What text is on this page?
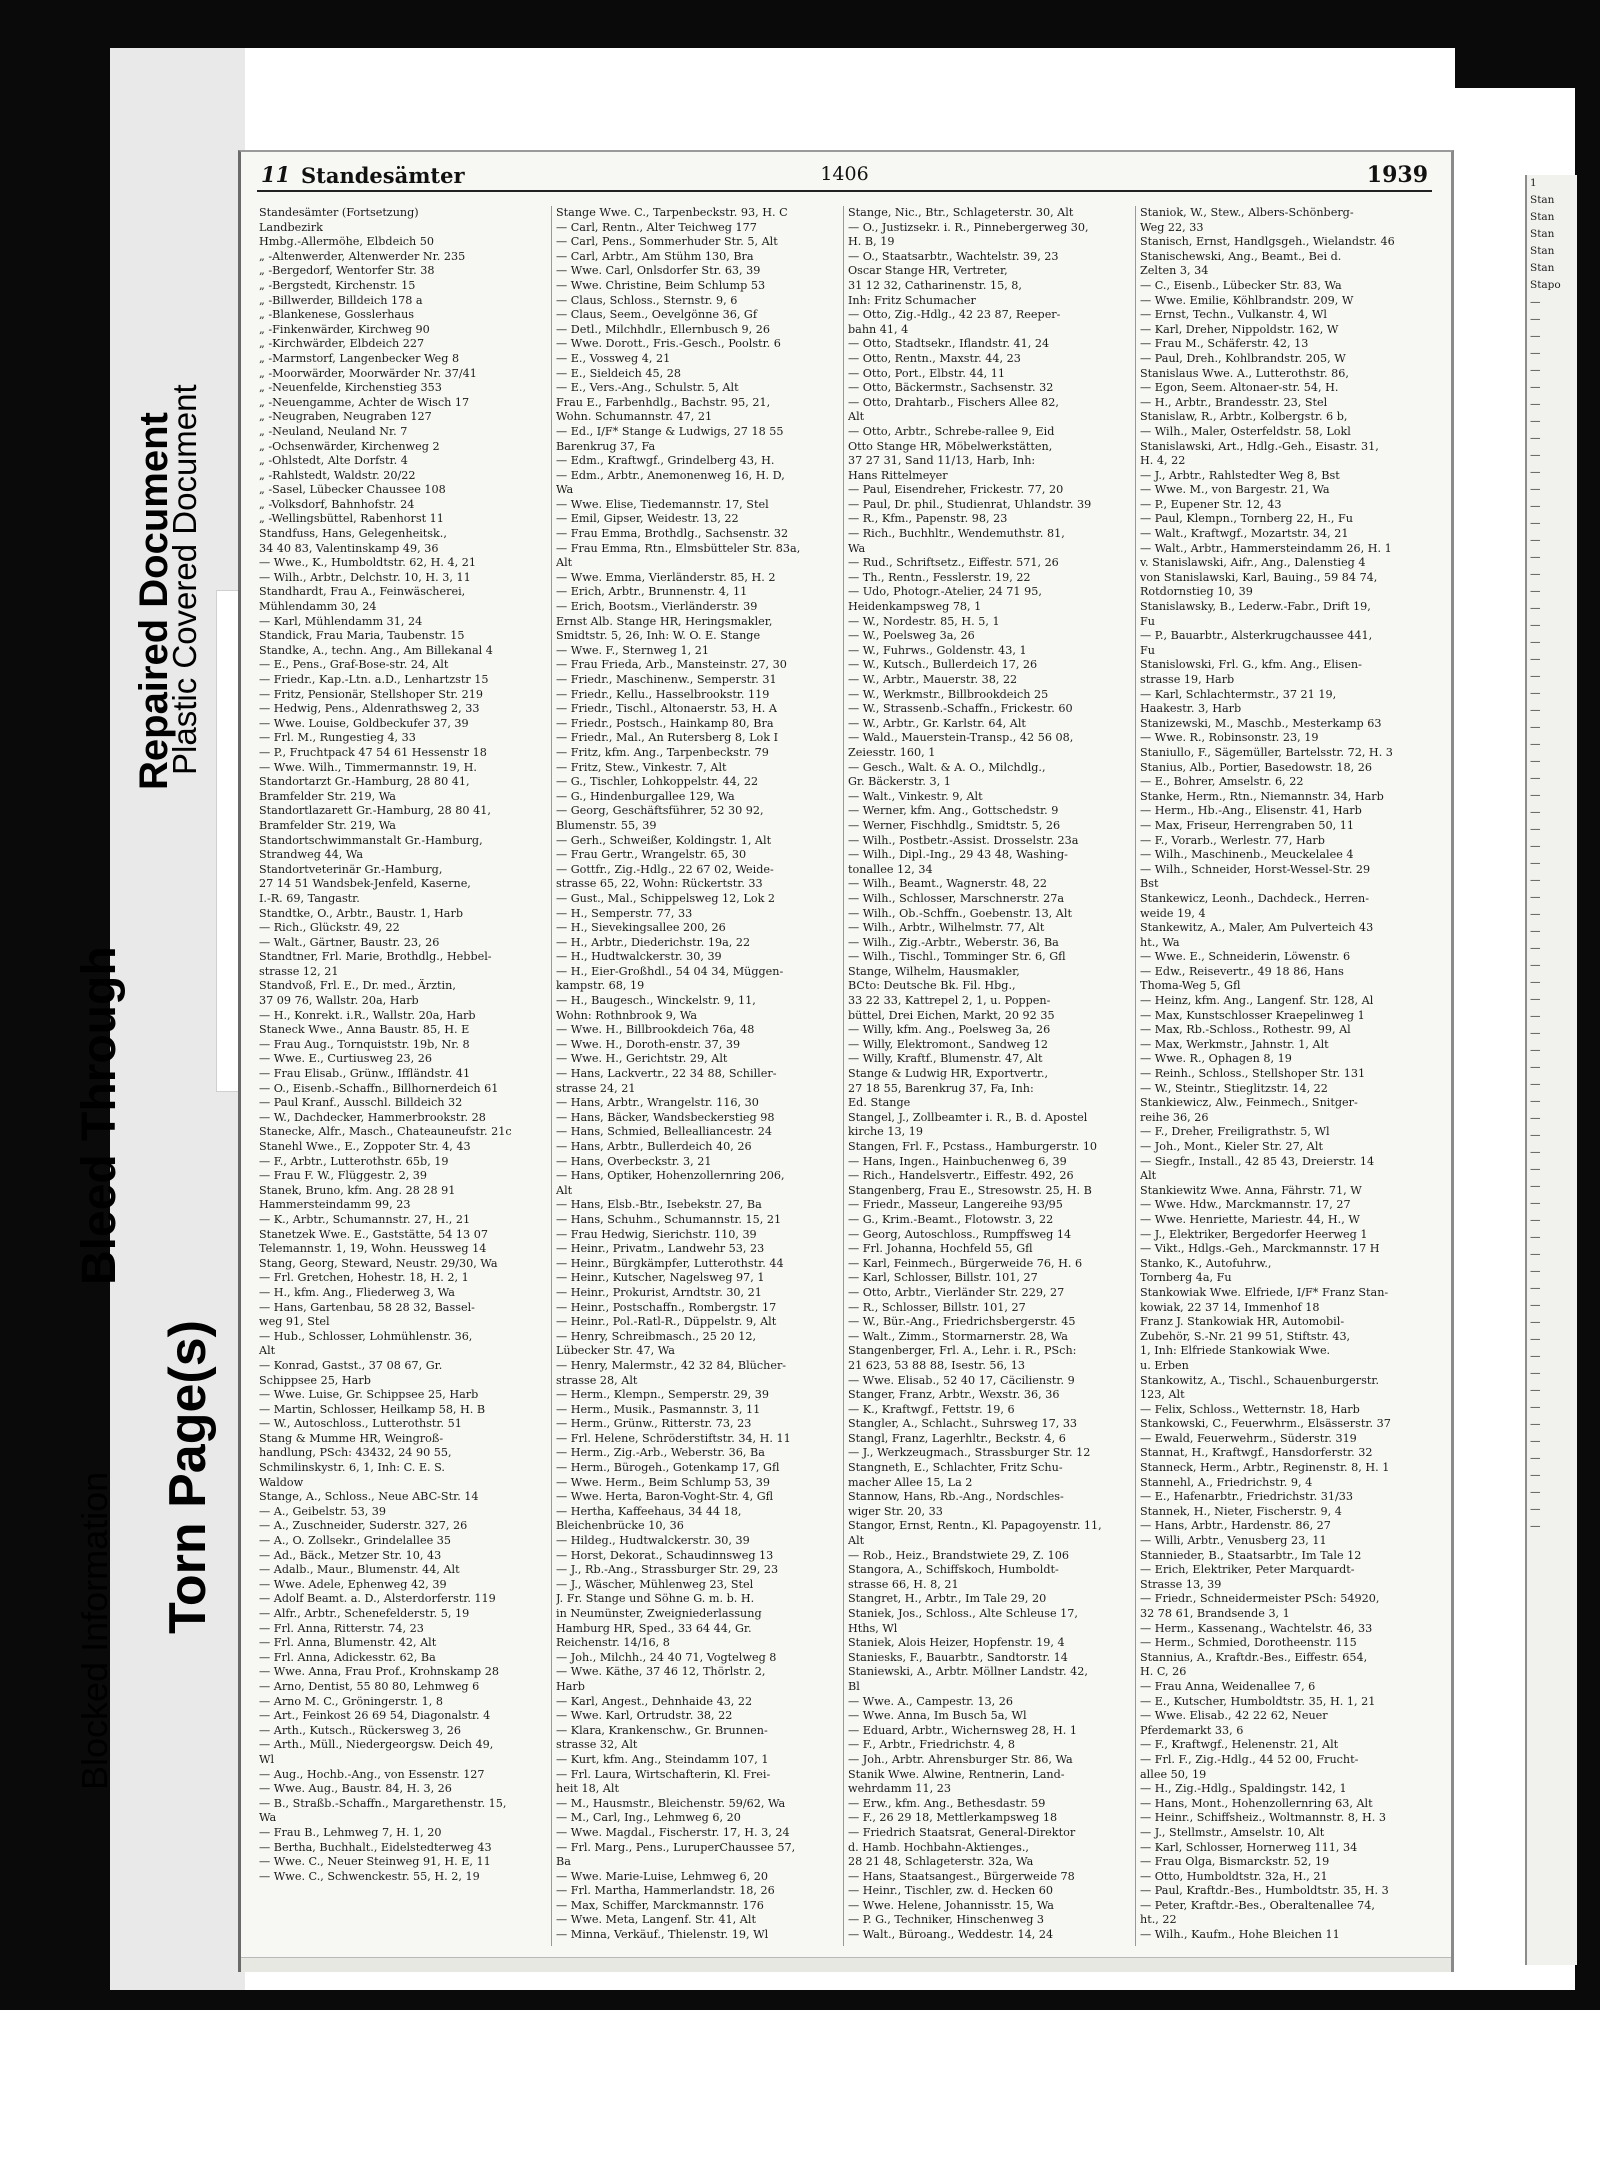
Bleed Through
Repaired Document
Plastic Covered Document
Blocked Information Torn Page(s)
11 Standesämter	1406	1939
Standesämter (Fortsetzung)
Landbezirk
Hmbg.-Allermöhe, Elbdeich 50
„ -Altenwerder, Altenwerder Nr. 235
„ -Bergedorf, Wentorfer Str. 38
„ -Bergstedt, Kirchenstr. 15
„ -Billwerder, Billdeich 178 a
„ -Blankenese, Gosslerhaus
„ -Finkenwärder, Kirchweg 90
„ -Kirchwärder, Elbdeich 227
„ -Marmstorf, Langenbecker Weg 8
„ -Moorwärder, Moorwärder Nr. 37/41
„ -Neuenfelde, Kirchenstieg 353
„ -Neuengamme, Achter de Wisch 17
„ -Neugraben, Neugraben 127
„ -Neuland, Neuland Nr. 7
„ -Ochsenwärder, Kirchenweg 2
„ -Ohlstedt, Alte Dorfstr. 4
„ -Rahlstedt, Waldstr. 20/22
„ -Sasel, Lübecker Chaussee 108
„ -Volksdorf, Bahnhofstr. 24
„ -Wellingsbüttel, Rabenhorst 11
Standfuss, Hans, Gelegenheitsk.,
34 40 83, Valentinskamp 49, 36
— Wwe., K., Humboldtstr. 62, H. 4, 21
— Wilh., Arbtr., Delchstr. 10, H. 3, 11
Standhardt, Frau A., Feinwäscherei,
Mühlendamm 30, 24
— Karl, Mühlendamm 31, 24
Standick, Frau Maria, Taubenstr. 15
Standke, A., techn. Ang., Am Billekanal 4
— E., Pens., Graf-Bose-str. 24, Alt
— Friedr., Kap.-Ltn. a.D., Lenhartzstr 15
— Fritz, Pensionär, Stellshoper Str. 219
— Hedwig, Pens., Aldenrathsweg 2, 33
— Wwe. Louise, Goldbeckufer 37, 39
— Frl. M., Rungestieg 4, 33
— P., Fruchtpack 47 54 61 Hessenstr 18
— Wwe. Wilh., Timmermannstr. 19, H.
Standortarzt Gr.-Hamburg, 28 80 41,
Bramfelder Str. 219, Wa
Standortlazarett Gr.-Hamburg, 28 80 41,
Bramfelder Str. 219, Wa
Standortschwimmanstalt Gr.-Hamburg,
Strandweg 44, Wa
Standortveterinär Gr.-Hamburg,
27 14 51 Wandsbek-Jenfeld, Kaserne,
I.-R. 69, Tangastr.
Standtke, O., Arbtr., Baustr. 1, Harb
— Rich., Glückstr. 49, 22
— Walt., Gärtner, Baustr. 23, 26
Standtner, Frl. Marie, Brothdlg., Hebbel-
strasse 12, 21
Standvoß, Frl. E., Dr. med., Ärztin,
37 09 76, Wallstr. 20a, Harb
— H., Konrekt. i.R., Wallstr. 20a, Harb
Staneck Wwe., Anna Baustr. 85, H. E
— Frau Aug., Tornquiststr. 19b, Nr. 8
— Wwe. E., Curtiusweg 23, 26
— Frau Elisab., Grünw., Iffländstr. 41
— O., Eisenb.-Schaffn., Billhornerdeich 61
— Paul Kranf., Ausschl. Billdeich 32
— W., Dachdecker, Hammerbrookstr. 28
Stanecke, Alfr., Masch., Chateauneufstr. 21c
Stanehl Wwe., E., Zoppoter Str. 4, 43
— F., Arbtr., Lutterothstr. 65b, 19
— Frau F. W., Flüggestr. 2, 39
Stanek, Bruno, kfm. Ang. 28 28 91
Hammersteindamm 99, 23
— K., Arbtr., Schumannstr. 27, H., 21
Stanetzek Wwe. E., Gaststätte, 54 13 07
Telemannstr. 1, 19, Wohn. Heussweg 14
Stang, Georg, Steward, Neustr. 29/30, Wa
— Frl. Gretchen, Hohestr. 18, H. 2, 1
— H., kfm. Ang., Fliederweg 3, Wa
— Hans, Gartenbau, 58 28 32, Bassel-
weg 91, Stel
— Hub., Schlosser, Lohmühlenstr. 36,
Alt
— Konrad, Gastst., 37 08 67, Gr.
Schippsee 25, Harb
— Wwe. Luise, Gr. Schippsee 25, Harb
— Martin, Schlosser, Heilkamp 58, H. B
— W., Autoschloss., Lutterothstr. 51
Stang & Mumme HR, Weingroß-
handlung, PSch: 43432, 24 90 55,
Schmilinskystr. 6, 1, Inh: C. E. S.
Waldow
Stange, A., Schloss., Neue ABC-Str. 14
— A., Geibelstr. 53, 39
— A., Zuschneider, Suderstr. 327, 26
— A., O. Zollsekr., Grindelallee 35
— Ad., Bäck., Metzer Str. 10, 43
— Adalb., Maur., Blumenstr. 44, Alt
— Wwe. Adele, Ephenweg 42, 39
— Adolf Beamt. a. D., Alsterdorferstr. 119
— Alfr., Arbtr., Schenefelderstr. 5, 19
— Frl. Anna, Ritterstr. 74, 23
— Frl. Anna, Blumenstr. 42, Alt
— Frl. Anna, Adickesstr. 62, Ba
— Wwe. Anna, Frau Prof., Krohnskamp 28
— Arno, Dentist, 55 80 80, Lehmweg 6
— Arno M. C., Gröningerstr. 1, 8
— Art., Feinkost 26 69 54, Diagonalstr. 4
— Arth., Kutsch., Rückersweg 3, 26
— Arth., Müll., Niedergeorgsw. Deich 49,
Wl
— Aug., Hochb.-Ang., von Essenstr. 127
— Wwe. Aug., Baustr. 84, H. 3, 26
— B., Straßb.-Schaffn., Margarethenstr. 15,
Wa
— Frau B., Lehmweg 7, H. 1, 20
— Bertha, Buchhalt., Eidelstedterweg 43
— Wwe. C., Neuer Steinweg 91, H. E, 11
— Wwe. C., Schwenckestr. 55, H. 2, 19
Stange Wwe. C., Tarpenbeckstr. 93, H. C
— Carl, Rentn., Alter Teichweg 177
— Carl, Pens., Sommerhuder Str. 5, Alt
— Carl, Arbtr., Am Stühm 130, Bra
— Wwe. Carl, Onlsdorfer Str. 63, 39
— Wwe. Christine, Beim Schlump 53
— Claus, Schloss., Sternstr. 9, 6
— Claus, Seem., Oevelgönne 36, Gf
— Detl., Milchhdlr., Ellernbusch 9, 26
— Wwe. Dorott., Fris.-Gesch., Poolstr. 6
— E., Vossweg 4, 21
— E., Sieldeich 45, 28
— E., Vers.-Ang., Schulstr. 5, Alt
Frau E., Farbenhdlg., Bachstr. 95, 21,
Wohn. Schumannstr. 47, 21
— Ed., I/F* Stange & Ludwigs, 27 18 55
Barenkrug 37, Fa
— Edm., Kraftwgf., Grindelberg 43, H.
— Edm., Arbtr., Anemonenweg 16, H. D,
Wa
— Wwe. Elise, Tiedemannstr. 17, Stel
— Emil, Gipser, Weidestr. 13, 22
— Frau Emma, Brothdlg., Sachsenstr. 32
— Frau Emma, Rtn., Elmsbütteler Str. 83a,
Alt
— Wwe. Emma, Vierländerstr. 85, H. 2
— Erich, Arbtr., Brunnenstr. 4, 11
— Erich, Bootsm., Vierländerstr. 39
Ernst Alb. Stange HR, Heringsmakler,
Smidtstr. 5, 26, Inh: W. O. E. Stange
— Wwe. F., Sternweg 1, 21
— Frau Frieda, Arb., Mansteinstr. 27, 30
— Friedr., Maschinenw., Semperstr. 31
— Friedr., Kellu., Hasselbrookstr. 119
— Friedr., Tischl., Altonaerstr. 53, H. A
— Friedr., Postsch., Hainkamp 80, Bra
— Friedr., Mal., An Rutersberg 8, Lok I
— Fritz, kfm. Ang., Tarpenbeckstr. 79
— Fritz, Stew., Vinkestr. 7, Alt
— G., Tischler, Lohkoppelstr. 44, 22
— G., Hindenburgallee 129, Wa
— Georg, Geschäftsführer, 52 30 92,
Blumenstr. 55, 39
— Gerh., Schweißer, Koldingstr. 1, Alt
— Frau Gertr., Wrangelstr. 65, 30
— Gottfr., Zig.-Hdlg., 22 67 02, Weide-
strasse 65, 22, Wohn: Rückertstr. 33
— Gust., Mal., Schippelsweg 12, Lok 2
— H., Semperstr. 77, 33
— H., Sievekingsallee 200, 26
— H., Arbtr., Diederichstr. 19a, 22
— H., Hudtwalckerstr. 30, 39
— H., Eier-Großhdl., 54 04 34, Müggen-
kampstr. 68, 19
— H., Baugesch., Winckelstr. 9, 11,
Wohn: Rothnbrook 9, Wa
— Wwe. H., Billbrookdeich 76a, 48
— Wwe. H., Doroth-enstr. 37, 39
— Wwe. H., Gerichtstr. 29, Alt
— Hans, Lackvertr., 22 34 88, Schiller-
strasse 24, 21
— Hans, Arbtr., Wrangelstr. 116, 30
— Hans, Bäcker, Wandsbeckerstieg 98
— Hans, Schmied, Bellealliancestr. 24
— Hans, Arbtr., Bullerdeich 40, 26
— Hans, Overbeckstr. 3, 21
— Hans, Optiker, Hohenzollernring 206,
Alt
— Hans, Elsb.-Btr., Isebekstr. 27, Ba
— Hans, Schuhm., Schumannstr. 15, 21
— Frau Hedwig, Sierichstr. 110, 39
— Heinr., Privatm., Landwehr 53, 23
— Heinr., Bürgkämpfer, Lutterothstr. 44
— Heinr., Kutscher, Nagelsweg 97, 1
— Heinr., Prokurist, Arndtstr. 30, 21
— Heinr., Postschaffn., Rombergstr. 17
— Heinr., Pol.-Ratl-R., Düppelstr. 9, Alt
— Henry, Schreibmasch., 25 20 12,
Lübecker Str. 47, Wa
— Henry, Malermstr., 42 32 84, Blücher-
strasse 28, Alt
— Herm., Klempn., Semperstr. 29, 39
— Herm., Musik., Pasmannstr. 3, 11
— Herm., Grünw., Ritterstr. 73, 23
— Frl. Helene, Schröderstiftstr. 34, H. 11
— Herm., Zig.-Arb., Weberstr. 36, Ba
— Herm., Bürogeh., Gotenkamp 17, Gfl
— Wwe. Herm., Beim Schlump 53, 39
— Wwe. Herta, Baron-Voght-Str. 4, Gfl
— Hertha, Kaffeehaus, 34 44 18,
Bleichenbrücke 10, 36
— Hildeg., Hudtwalckerstr. 30, 39
— Horst, Dekorat., Schaudinnsweg 13
— J., Rb.-Ang., Strassburger Str. 29, 23
— J., Wäscher, Mühlenweg 23, Stel
J. Fr. Stange und Söhne G. m. b. H.
in Neumünster, Zweigniederlassung
Hamburg HR, Sped., 33 64 44, Gr.
Reichenstr. 14/16, 8
— Joh., Milchh., 24 40 71, Vogtelweg 8
— Wwe. Käthe, 37 46 12, Thörlstr. 2,
Harb
— Karl, Angest., Dehnhaide 43, 22
— Wwe. Karl, Ortrudstr. 38, 22
— Klara, Krankenschw., Gr. Brunnen-
strasse 32, Alt
— Kurt, kfm. Ang., Steindamm 107, 1
— Frl. Laura, Wirtschafterin, Kl. Frei-
heit 18, Alt
— M., Hausmstr., Bleichenstr. 59/62, Wa
— M., Carl, Ing., Lehmweg 6, 20
— Wwe. Magdal., Fischerstr. 17, H. 3, 24
— Frl. Marg., Pens., LuruperChaussee 57,
Ba
— Wwe. Marie-Luise, Lehmweg 6, 20
— Frl. Martha, Hammerlandstr. 18, 26
— Max, Schiffer, Marckmannstr. 176
— Wwe. Meta, Langenf. Str. 41, Alt
— Minna, Verkäuf., Thielenstr. 19, Wl
Stange, Nic., Btr., Schlageterstr. 30, Alt
— O., Justizsekr. i. R., Pinnebergerweg 30,
H. B, 19
— O., Staatsarbtr., Wachtelstr. 39, 23
Oscar Stange HR, Vertreter,
31 12 32, Catharinenstr. 15, 8,
Inh: Fritz Schumacher
— Otto, Zig.-Hdlg., 42 23 87, Reeper-
bahn 41, 4
— Otto, Stadtsekr., Iflandstr. 41, 24
— Otto, Rentn., Maxstr. 44, 23
— Otto, Port., Elbstr. 44, 11
— Otto, Bäckermstr., Sachsenstr. 32
— Otto, Drahtarb., Fischers Allee 82,
Alt
— Otto, Arbtr., Schrebe-rallee 9, Eid
Otto Stange HR, Möbelwerkstätten,
37 27 31, Sand 11/13, Harb, Inh:
Hans Rittelmeyer
— Paul, Eisendreher, Frickestr. 77, 20
— Paul, Dr. phil., Studienrat, Uhlandstr. 39
— R., Kfm., Papenstr. 98, 23
— Rich., Buchhltr., Wendemuthstr. 81,
Wa
— Rud., Schriftsetz., Eiffestr. 571, 26
— Th., Rentn., Fesslerstr. 19, 22
— Udo, Photogr.-Atelier, 24 71 95,
Heidenkampsweg 78, 1
— W., Nordestr. 85, H. 5, 1
— W., Poelsweg 3a, 26
— W., Fuhrws., Goldenstr. 43, 1
— W., Kutsch., Bullerdeich 17, 26
— W., Arbtr., Mauerstr. 38, 22
— W., Werkmstr., Billbrookdeich 25
— W., Strassenb.-Schaffn., Frickestr. 60
— W., Arbtr., Gr. Karlstr. 64, Alt
— Wald., Mauerstein-Transp., 42 56 08,
Zeiesstr. 160, 1
— Gesch., Walt. & A. O., Milchdlg.,
Gr. Bäckerstr. 3, 1
— Walt., Vinkestr. 9, Alt
— Werner, kfm. Ang., Gottschedstr. 9
— Werner, Fischhdlg., Smidtstr. 5, 26
— Wilh., Postbetr.-Assist. Drosselstr. 23a
— Wilh., Dipl.-Ing., 29 43 48, Washing-
tonallee 12, 34
— Wilh., Beamt., Wagnerstr. 48, 22
— Wilh., Schlosser, Marschnerstr. 27a
— Wilh., Ob.-Schffn., Goebenstr. 13, Alt
— Wilh., Arbtr., Wilhelmstr. 77, Alt
— Wilh., Zig.-Arbtr., Weberstr. 36, Ba
— Wilh., Tischl., Tomminger Str. 6, Gfl
Stange, Wilhelm, Hausmakler,
BCto: Deutsche Bk. Fil. Hbg.,
33 22 33, Kattrepel 2, 1, u. Poppen-
büttel, Drei Eichen, Markt, 20 92 35
— Willy, kfm. Ang., Poelsweg 3a, 26
— Willy, Elektromont., Sandweg 12
— Willy, Kraftf., Blumenstr. 47, Alt
Stange & Ludwig HR, Exportvertr.,
27 18 55, Barenkrug 37, Fa, Inh:
Ed. Stange
Stangel, J., Zollbeamter i. R., B. d. Apostel
kirche 13, 19
Stangen, Frl. F., Pcstass., Hamburgerstr. 10
— Hans, Ingen., Hainbuchenweg 6, 39
— Rich., Handelsvertr., Eiffestr. 492, 26
Stangenberg, Frau E., Stresowstr. 25, H. B
— Friedr., Masseur, Langereihe 93/95
— G., Krim.-Beamt., Flotowstr. 3, 22
— Georg, Autoschloss., Rumpffsweg 14
— Frl. Johanna, Hochfeld 55, Gfl
— Karl, Feinmech., Bürgerweide 76, H. 6
— Karl, Schlosser, Billstr. 101, 27
— Otto, Arbtr., Vierländer Str. 229, 27
— R., Schlosser, Billstr. 101, 27
— W., Bür.-Ang., Friedrichsbergerstr. 45
— Walt., Zimm., Stormarnerstr. 28, Wa
Stangenberger, Frl. A., Lehr. i. R., PSch:
21 623, 53 88 88, Isestr. 56, 13
— Wwe. Elisab., 52 40 17, Cäcilienstr. 9
Stanger, Franz, Arbtr., Wexstr. 36, 36
— K., Kraftwgf., Fettstr. 19, 6
Stangler, A., Schlacht., Suhrsweg 17, 33
Stangl, Franz, Lagerhltr., Beckstr. 4, 6
— J., Werkzeugmach., Strassburger Str. 12
Stangneth, E., Schlachter, Fritz Schu-
macher Allee 15, La 2
Stannow, Hans, Rb.-Ang., Nordschles-
wiger Str. 20, 33
Stangor, Ernst, Rentn., Kl. Papagoyenstr. 11,
Alt
— Rob., Heiz., Brandstwiete 29, Z. 106
Stangora, A., Schiffskoch, Humboldt-
strasse 66, H. 8, 21
Stangret, H., Arbtr., Im Tale 29, 20
Staniek, Jos., Schloss., Alte Schleuse 17,
Hths, Wl
Staniek, Alois Heizer, Hopfenstr. 19, 4
Staniesks, F., Bauarbtr., Sandtorstr. 14
Staniewski, A., Arbtr. Möllner Landstr. 42,
Bl
— Wwe. A., Campestr. 13, 26
— Wwe. Anna, Im Busch 5a, Wl
— Eduard, Arbtr., Wichernsweg 28, H. 1
— F., Arbtr., Friedrichstr. 4, 8
— Joh., Arbtr. Ahrensburger Str. 86, Wa
Stanik Wwe. Alwine, Rentnerin, Land-
wehrdamm 11, 23
— Erw., kfm. Ang., Bethesdastr. 59
— F., 26 29 18, Mettlerkampsweg 18
— Friedrich Staatsrat, General-Direktor
d. Hamb. Hochbahn-Aktienges.,
28 21 48, Schlageterstr. 32a, Wa
— Hans, Staatsangest., Bürgerweide 78
— Heinr., Tischler, zw. d. Hecken 60
— Wwe. Helene, Johannisstr. 15, Wa
— P. G., Techniker, Hinschenweg 3
— Walt., Büroang., Weddestr. 14, 24
Staniok, W., Stew., Albers-Schönberg-
Weg 22, 33
Stanisch, Ernst, Handlgsgeh., Wielandstr. 46
Stanischewski, Ang., Beamt., Bei d.
Zelten 3, 34
— C., Eisenb., Lübecker Str. 83, Wa
— Wwe. Emilie, Köhlbrandstr. 209, W
— Ernst, Techn., Vulkanstr. 4, Wl
— Karl, Dreher, Nippoldstr. 162, W
— Frau M., Schäferstr. 42, 13
— Paul, Dreh., Kohlbrandstr. 205, W
Stanislaus Wwe. A., Lutterothstr. 86,
— Egon, Seem. Altonaer-str. 54, H.
— H., Arbtr., Brandesstr. 23, Stel
Stanislaw, R., Arbtr., Kolbergstr. 6 b,
— Wilh., Maler, Osterfeldstr. 58, Lokl
Stanislawski, Art., Hdlg.-Geh., Eisastr. 31,
H. 4, 22
— J., Arbtr., Rahlstedter Weg 8, Bst
— Wwe. M., von Bargestr. 21, Wa
— P., Eupener Str. 12, 43
— Paul, Klempn., Tornberg 22, H., Fu
— Walt., Kraftwgf., Mozartstr. 34, 21
— Walt., Arbtr., Hammersteindamm 26, H. 1
v. Stanislawski, Aifr., Ang., Dalenstieg 4
von Stanislawski, Karl, Bauing., 59 84 74,
Rotdornstieg 10, 39
Stanislawsky, B., Lederw.-Fabr., Drift 19,
Fu
— P., Bauarbtr., Alsterkrugchaussee 441,
Fu
Stanislowski, Frl. G., kfm. Ang., Elisen-
strasse 19, Harb
— Karl, Schlachtermstr., 37 21 19,
Haakestr. 3, Harb
Stanizewski, M., Maschb., Mesterkamp 63
— Wwe. R., Robinsonstr. 23, 19
Staniullo, F., Sägemüller, Bartelsstr. 72, H. 3
Stanius, Alb., Portier, Basedowstr. 18, 26
— E., Bohrer, Amselstr. 6, 22
Stanke, Herm., Rtn., Niemannstr. 34, Harb
— Herm., Hb.-Ang., Elisenstr. 41, Harb
— Max, Friseur, Herrengraben 50, 11
— F., Vorarb., Werlestr. 77, Harb
— Wilh., Maschinenb., Meuckelalee 4
— Wilh., Schneider, Horst-Wessel-Str. 29
Bst
Stankewicz, Leonh., Dachdeck., Herren-
weide 19, 4
Stankewitz, A., Maler, Am Pulverteich 43
ht., Wa
— Wwe. E., Schneiderin, Löwenstr. 6
— Edw., Reisevertr., 49 18 86, Hans
Thoma-Weg 5, Gfl
— Heinz, kfm. Ang., Langenf. Str. 128, Al
— Max, Kunstschlosser Kraepelinweg 1
— Max, Rb.-Schloss., Rothestr. 99, Al
— Max, Werkmstr., Jahnstr. 1, Alt
— Wwe. R., Ophagen 8, 19
— Reinh., Schloss., Stellshoper Str. 131
— W., Steintr., Stieglitzstr. 14, 22
Stankiewicz, Alw., Feinmech., Snitger-
reihe 36, 26
— F., Dreher, Freiligrathstr. 5, Wl
— Joh., Mont., Kieler Str. 27, Alt
— Siegfr., Install., 42 85 43, Dreierstr. 14
Alt
Stankiewitz Wwe. Anna, Fährstr. 71, W
— Wwe. Hdw., Marckmannstr. 17, 27
— Wwe. Henriette, Mariestr. 44, H., W
— J., Elektriker, Bergedorfer Heerweg 1
— Vikt., Hdlgs.-Geh., Marckmannstr. 17 H
Stanko, K., Autofuhrw.,
Tornberg 4a, Fu
Stankowiak Wwe. Elfriede, I/F* Franz Stan-
kowiak, 22 37 14, Immenhof 18
Franz J. Stankowiak HR, Automobil-
Zubehör, S.-Nr. 21 99 51, Stiftstr. 43,
1, Inh: Elfriede Stankowiak Wwe.
u. Erben
Stankowitz, A., Tischl., Schauenburgerstr.
123, Alt
— Felix, Schloss., Wetternstr. 18, Harb
Stankowski, C., Feuerwhrm., Elsässerstr. 37
— Ewald, Feuerwehrm., Süderstr. 319
Stannat, H., Kraftwgf., Hansdorferstr. 32
Stanneck, Herm., Arbtr., Reginenstr. 8, H. 1
Stannehl, A., Friedrichstr. 9, 4
— E., Hafenarbtr., Friedrichstr. 31/33
Stannek, H., Nieter, Fischerstr. 9, 4
— Hans, Arbtr., Hardenstr. 86, 27
— Willi, Arbtr., Venusberg 23, 11
Stannieder, B., Staatsarbtr., Im Tale 12
— Erich, Elektriker, Peter Marquardt-
Strasse 13, 39
— Friedr., Schneidermeister PSch: 54920,
32 78 61, Brandsende 3, 1
— Herm., Kassenang., Wachtelstr. 46, 33
— Herm., Schmied, Dorotheenstr. 115
Stannius, A., Kraftdr.-Bes., Eiffestr. 654,
H. C, 26
— Frau Anna, Weidenallee 7, 6
— E., Kutscher, Humboldtstr. 35, H. 1, 21
— Wwe. Elisab., 42 22 62, Neuer
Pferdemarkt 33, 6
— F., Kraftwgf., Helenenstr. 21, Alt
— Frl. F., Zig.-Hdlg., 44 52 00, Frucht-
allee 50, 19
— H., Zig.-Hdlg., Spaldingstr. 142, 1
— Hans, Mont., Hohenzollernring 63, Alt
— Heinr., Schiffsheiz., Woltmannstr. 8, H. 3
— J., Stellmstr., Amselstr. 10, Alt
— Karl, Schlosser, Hornerweg 111, 34
— Frau Olga, Bismarckstr. 52, 19
— Otto, Humboldtstr. 32a, H., 21
— Paul, Kraftdr.-Bes., Humboldtstr. 35, H. 3
— Peter, Kraftdr.-Bes., Oberaltenallee 74,
ht., 22
— Wilh., Kaufm., Hohe Bleichen 11
1
Stan
Stan
Stan
Stan
Stan
Stapo
—
—
—
—
—
—
—
—
—
—
—
—
—
—
—
—
—
—
—
—
—
—
—
—
—
—
—
—
—
—
—
—
—
—
—
—
—
—
—
—
—
—
—
—
—
—
—
—
—
—
—
—
—
—
—
—
—
—
—
—
—
—
—
—
—
—
—
—
—
—
—
—
—
